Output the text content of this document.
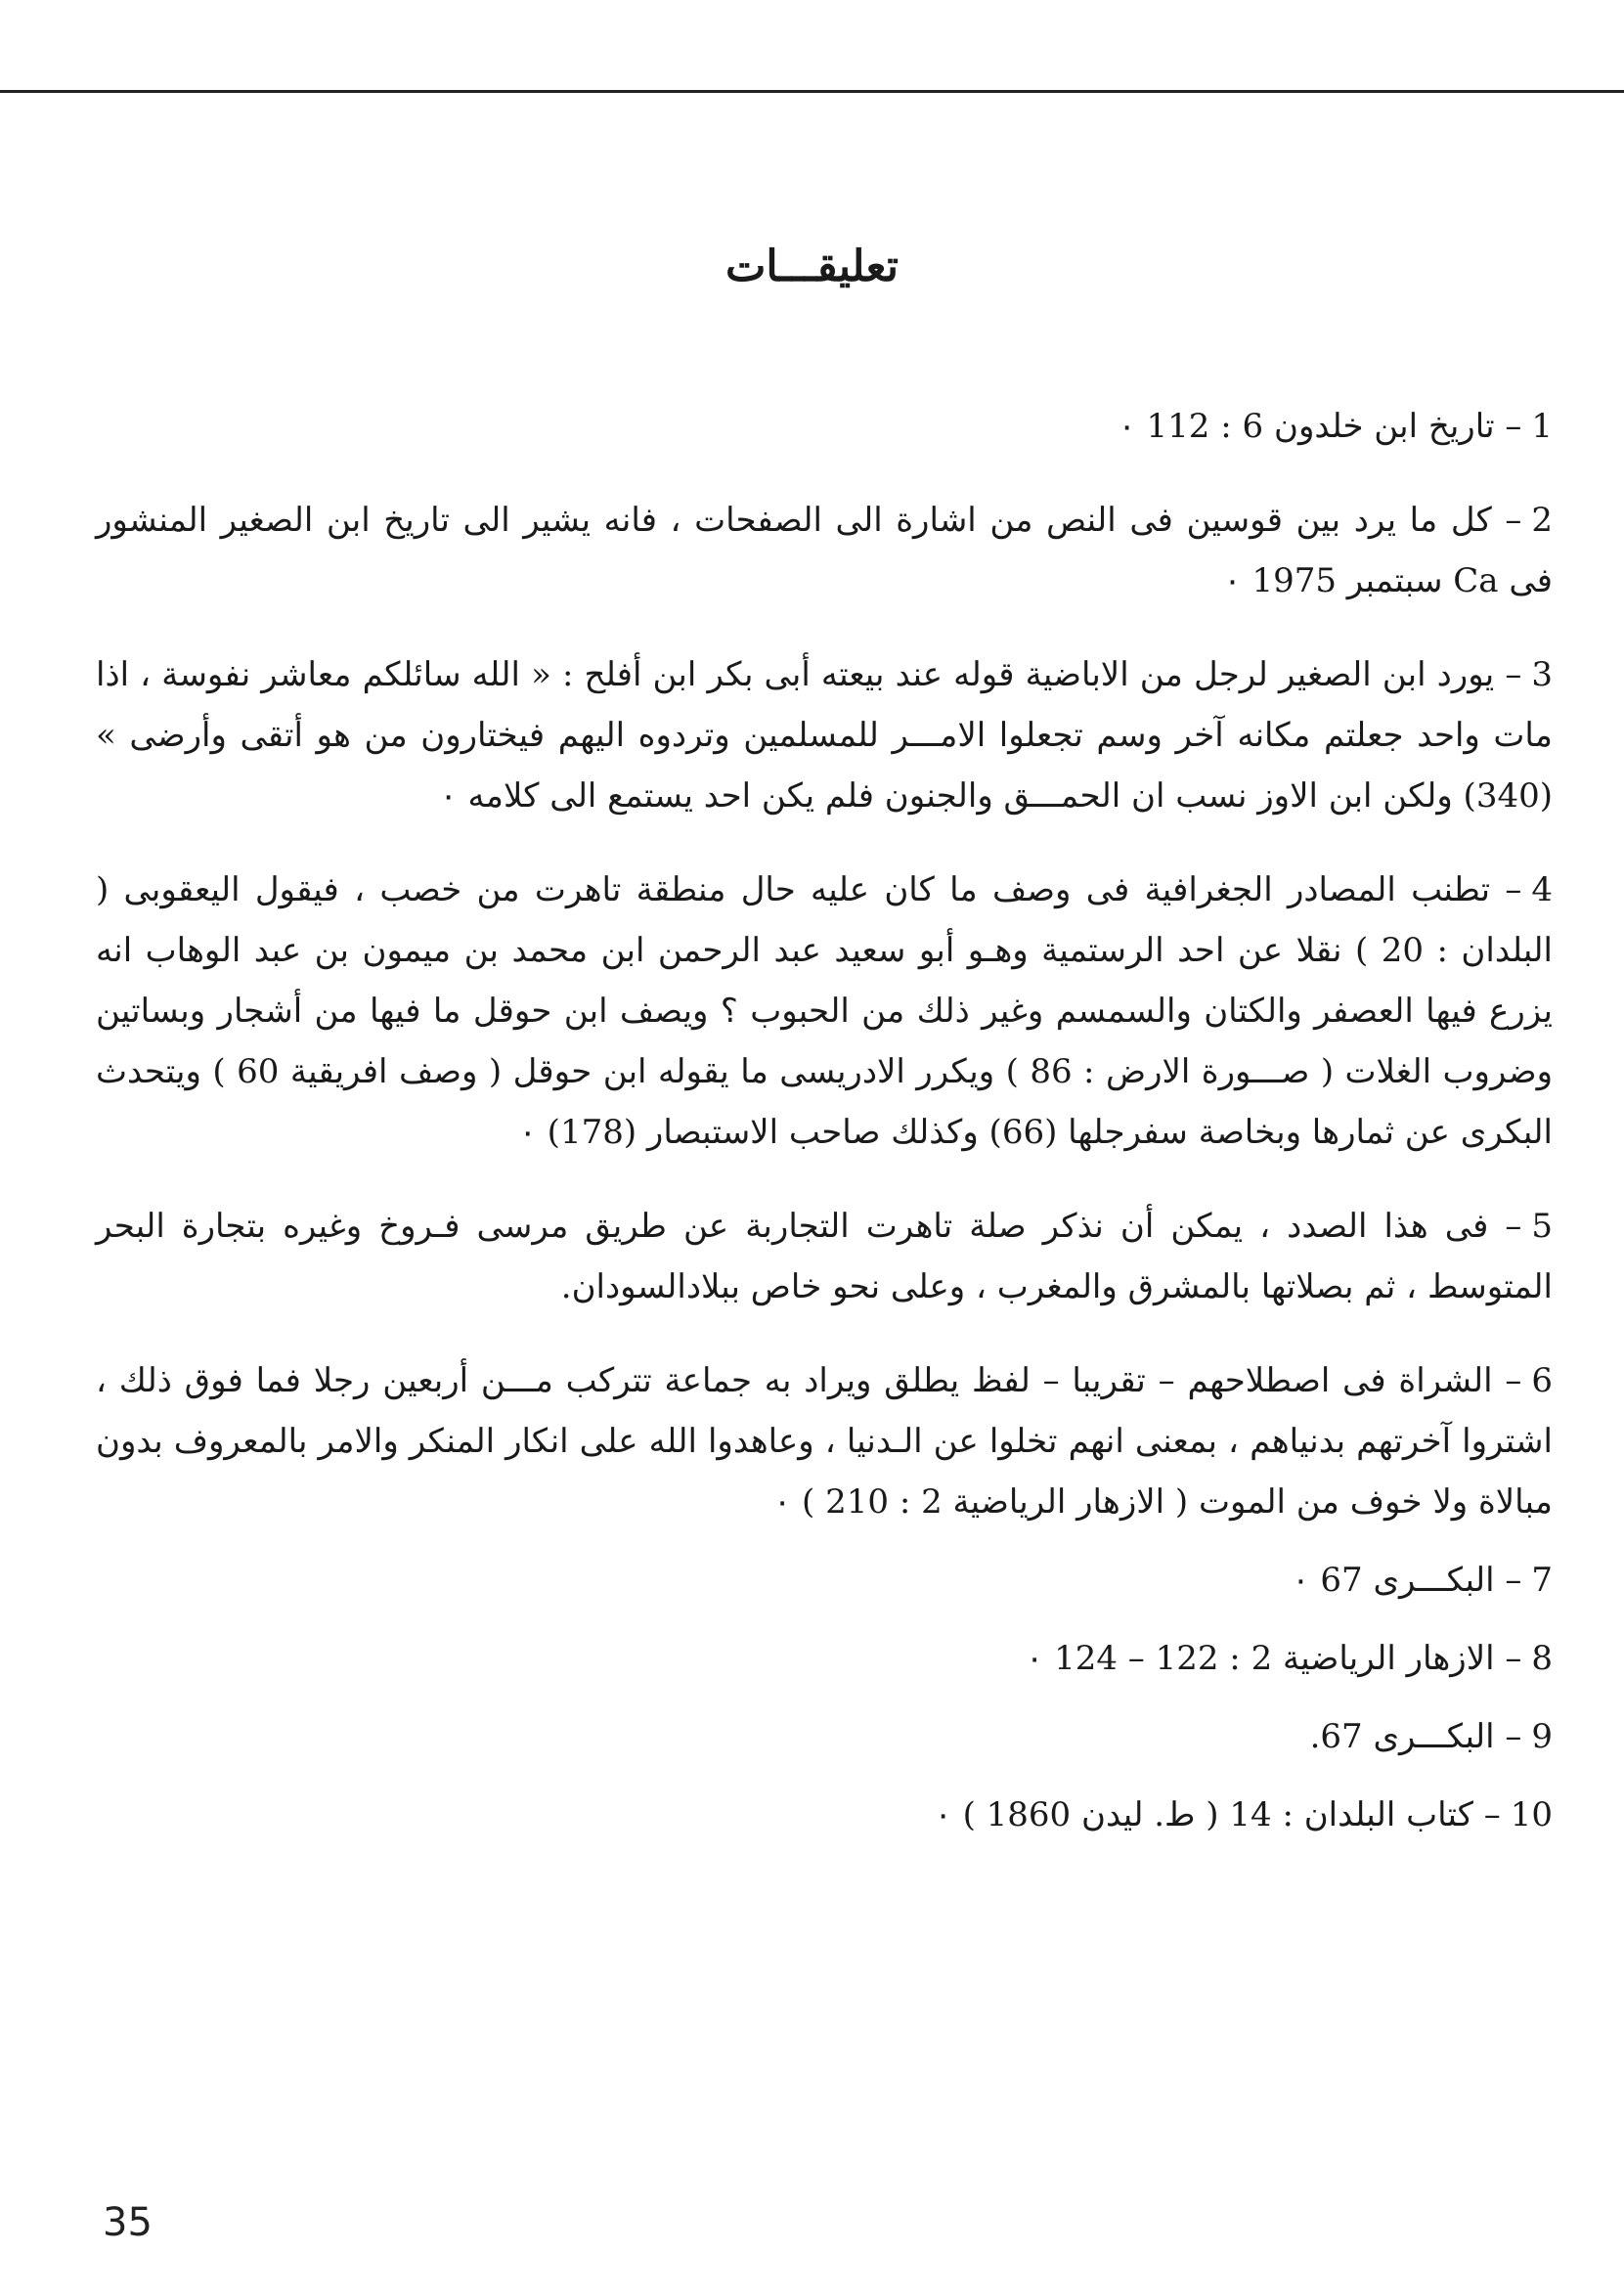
تعليقـــات

1– تاريخ ابن خلدون 6 : 112 ٠

2– كل ما يرد بين قوسين فى النص من اشارة الى الصفحات ، فانه يشير الى تاريخ ابن الصغير المنشور فى Ca سبتمبر 1975 ٠

3– يورد ابن الصغير لرجل من الاباضية قوله عند بيعته أبى بكر ابن أفلح : « الله سائلكم معاشر نفوسة ، اذا مات واحد جعلتم مكانه آخر وسم تجعلوا الامـــر للمسلمين وتردوه اليهم فيختارون من هو أتقى وأرضى » (340) ولكن ابن الاوز نسب ان الحمـــق والجنون فلم يكن احد يستمع الى كلامه ٠

4– تطنب المصادر الجغرافية فى وصف ما كان عليه حال منطقة تاهرت من خصب ، فيقول اليعقوبى ( البلدان : 20 ) نقلا عن احد الرستمية وهـو أبو سعيد عبد الرحمن ابن محمد بن ميمون بن عبد الوهاب انه يزرع فيها العصفر والكتان والسمسم وغير ذلك من الحبوب ؟ ويصف ابن حوقل ما فيها من أشجار وبساتين وضروب الغلات ( صـــورة الارض : 86 ) ويكرر الادريسى ما يقوله ابن حوقل ( وصف افريقية 60 ) ويتحدث البكرى عن ثمارها وبخاصة سفرجلها (66) وكذلك صاحب الاستبصار (178) ٠

5– فى هذا الصدد ، يمكن أن نذكر صلة تاهرت التجاربة عن طريق مرسى فـروخ وغيره بتجارة البحر المتوسط ، ثم بصلاتها بالمشرق والمغرب ، وعلى نحو خاص ببلادالسودان.

6– الشراة فى اصطلاحهم – تقريبا – لفظ يطلق ويراد به جماعة تتركب مـــن أربعين رجلا فما فوق ذلك ، اشتروا آخرتهم بدنياهم ، بمعنى انهم تخلوا عن الـدنيا ، وعاهدوا الله على انكار المنكر والامر بالمعروف بدون مبالاة ولا خوف من الموت ( الازهار الرياضية 2 : 210 ) ٠

7– البكـــرى 67 ٠

8– الازهار الرياضية 2 : 122 – 124 ٠

9– البكـــرى 67.

10– كتاب البلدان : 14 ( ط. ليدن 1860 ) ٠

35
